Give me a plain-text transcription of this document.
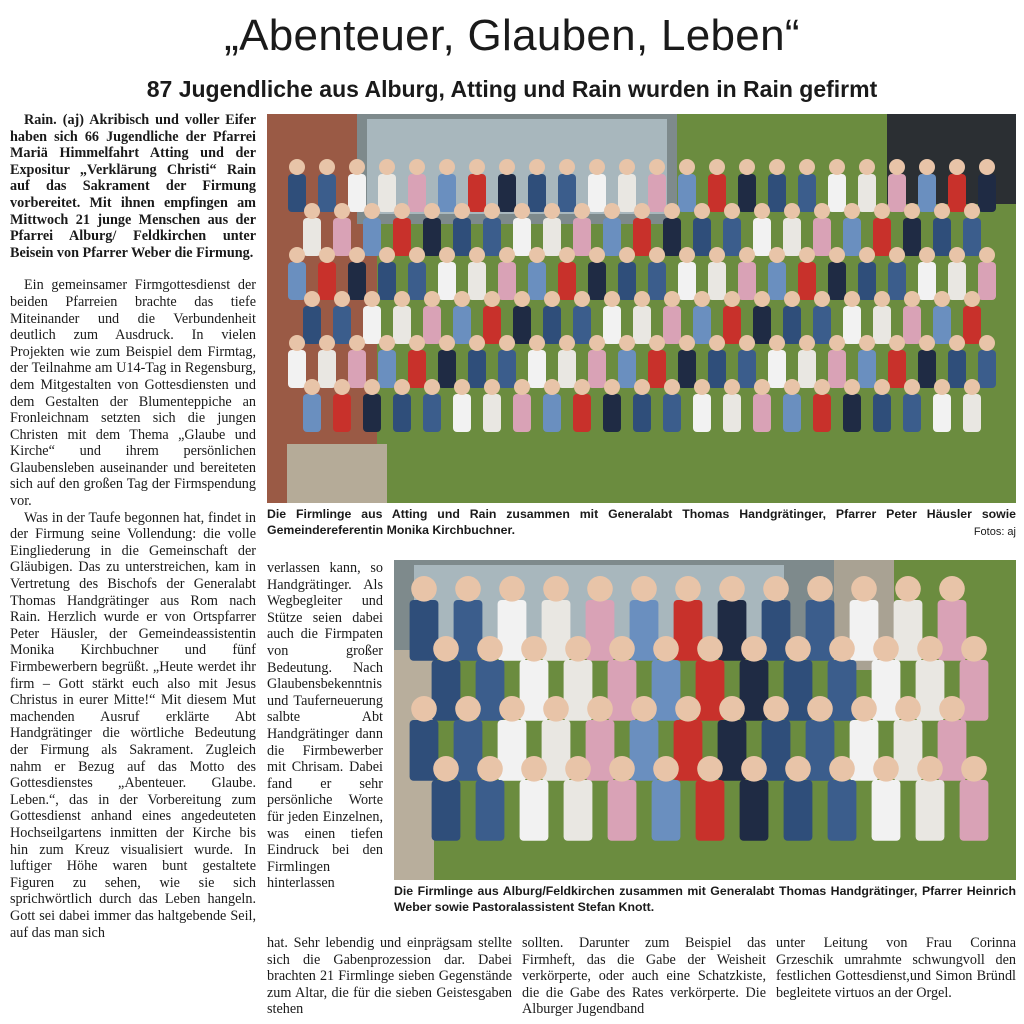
„Abenteuer, Glauben, Leben“
87 Jugendliche aus Alburg, Atting und Rain wurden in Rain gefirmt

Rain. (aj) Akribisch und voller Eifer haben sich 66 Jugendliche der Pfarrei Mariä Himmelfahrt Atting und der Expositur „Verklärung Christi“ Rain auf das Sakrament der Firmung vorbereitet. Mit ihnen empfingen am Mittwoch 21 junge Menschen aus der Pfarrei Alburg/ Feldkirchen unter Beisein von Pfarrer Weber die Firmung.

Ein gemeinsamer Firmgottesdienst der beiden Pfarreien brachte das tiefe Miteinander und die Verbundenheit deutlich zum Ausdruck. In vielen Projekten wie zum Beispiel dem Firmtag, der Teilnahme am U14-Tag in Regensburg, dem Mitgestalten von Gottesdiensten und dem Gestalten der Blumenteppiche an Fronleichnam setzten sich die jungen Christen mit dem Thema „Glaube und Kirche“ und ihrem persönlichen Glaubensleben auseinander und bereiteten sich auf den großen Tag der Firmspendung vor.

Was in der Taufe begonnen hat, findet in der Firmung seine Vollendung: die volle Eingliederung in die Gemeinschaft der Gläubigen. Das zu unterstreichen, kam in Vertretung des Bischofs der Generalabt Thomas Handgrätinger aus Rom nach Rain. Herzlich wurde er von Ortspfarrer Peter Häusler, der Gemeindeassistentin Monika Kirchbuchner und fünf Firmbewerbern begrüßt. „Heute werdet ihr firm – Gott stärkt euch also mit Jesus Christus in eurer Mitte!“ Mit diesem Mut machenden Ausruf erklärte Abt Handgrätinger die wörtliche Bedeutung der Firmung als Sakrament. Zugleich nahm er Bezug auf das Motto des Gottesdienstes „Abenteuer. Glaube. Leben.“, das in der Vorbereitung zum Gottesdienst anhand eines angedeuteten Hochseilgartens inmitten der Kirche bis hin zum Kreuz visualisiert wurde. In luftiger Höhe waren bunt gestaltete Figuren zu sehen, wie sie sich sprichwörtlich durch das Leben hangeln. Gott sei dabei immer das haltgebende Seil, auf das man sich

Die Firmlinge aus Atting und Rain zusammen mit Generalabt Thomas Handgrätinger, Pfarrer Peter Häusler sowie Gemeindereferentin Monika Kirchbuchner.	Fotos: aj

verlassen kann, so Handgrätinger. Als Wegbegleiter und Stütze seien dabei auch die Firmpaten von großer Bedeutung. Nach Glaubensbekenntnis und Tauferneuerung salbte Abt Handgrätinger dann die Firmbewerber mit Chrisam. Dabei fand er sehr persönliche Worte für jeden Einzelnen, was einen tiefen Eindruck bei den Firmlingen hinterlassen	Die Firmlinge aus Alburg/Feldkirchen zusammen mit Generalabt Thomas Handgrätinger, Pfarrer Heinrich Weber sowie Pastoralassistent Stefan Knott.

hat. Sehr lebendig und einprägsam stellte sich die Gabenprozession dar. Dabei brachten 21 Firmlinge sieben Gegenstände zum Altar, die für die sieben Geistesgaben stehen

sollten. Darunter zum Beispiel das Firmheft, das die Gabe der Weisheit verkörperte, oder auch eine Schatzkiste, die die Gabe des Rates verkörperte. Die Alburger Jugendband

unter Leitung von Frau Corinna Grzeschik umrahmte schwungvoll den festlichen Gottesdienst,und Simon Bründl begleitete virtuos an der Orgel.
